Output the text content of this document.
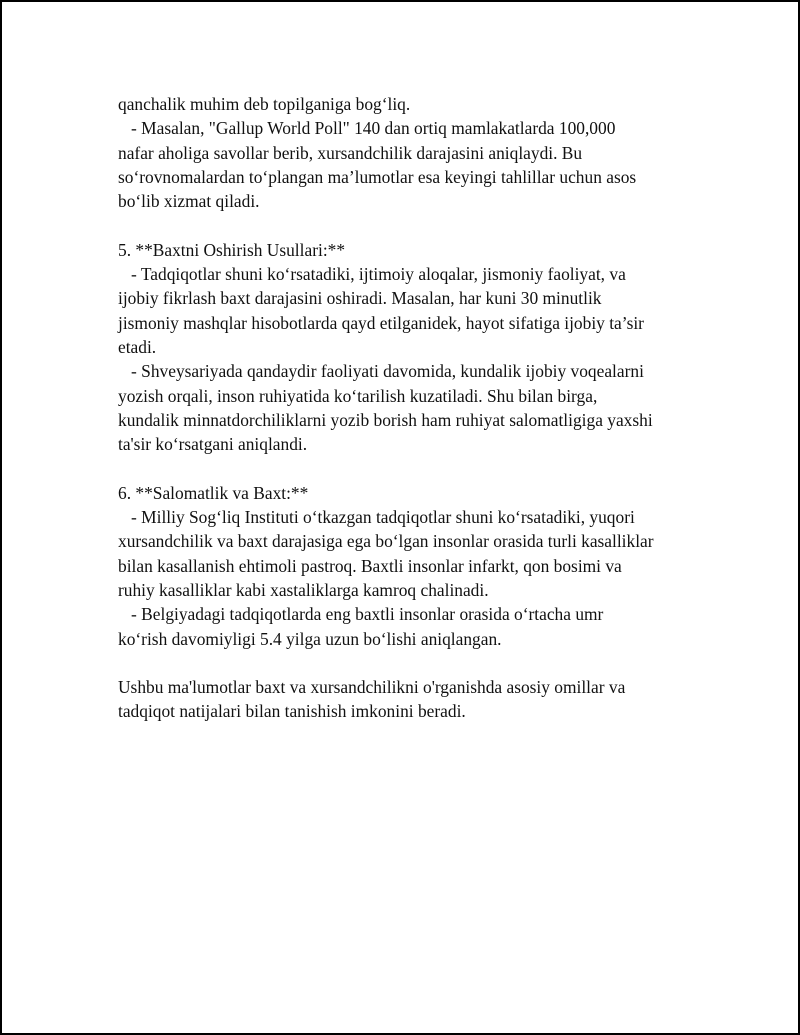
qanchalik muhim deb topilganiga bog‘liq.
- Masalan, "Gallup World Poll" 140 dan ortiq mamlakatlarda 100,000
nafar aholiga savollar berib, xursandchilik darajasini aniqlaydi. Bu
so‘rovnomalardan to‘plangan ma’lumotlar esa keyingi tahlillar uchun asos
bo‘lib xizmat qiladi.
5. **Baxtni Oshirish Usullari:**
- Tadqiqotlar shuni ko‘rsatadiki, ijtimoiy aloqalar, jismoniy faoliyat, va
ijobiy fikrlash baxt darajasini oshiradi. Masalan, har kuni 30 minutlik
jismoniy mashqlar hisobotlarda qayd etilganidek, hayot sifatiga ijobiy ta’sir
etadi.
- Shveysariyada qandaydir faoliyati davomida, kundalik ijobiy voqealarni
yozish orqali, inson ruhiyatida ko‘tarilish kuzatiladi. Shu bilan birga,
kundalik minnatdorchiliklarni yozib borish ham ruhiyat salomatligiga yaxshi
ta'sir ko‘rsatgani aniqlandi.
6. **Salomatlik va Baxt:**
- Milliy Sog‘liq Instituti o‘tkazgan tadqiqotlar shuni ko‘rsatadiki, yuqori
xursandchilik va baxt darajasiga ega bo‘lgan insonlar orasida turli kasalliklar
bilan kasallanish ehtimoli pastroq. Baxtli insonlar infarkt, qon bosimi va
ruhiy kasalliklar kabi xastaliklarga kamroq chalinadi.
- Belgiyadagi tadqiqotlarda eng baxtli insonlar orasida o‘rtacha umr
ko‘rish davomiyligi 5.4 yilga uzun bo‘lishi aniqlangan.
Ushbu ma'lumotlar baxt va xursandchilikni o'rganishda asosiy omillar va
tadqiqot natijalari bilan tanishish imkonini beradi.
